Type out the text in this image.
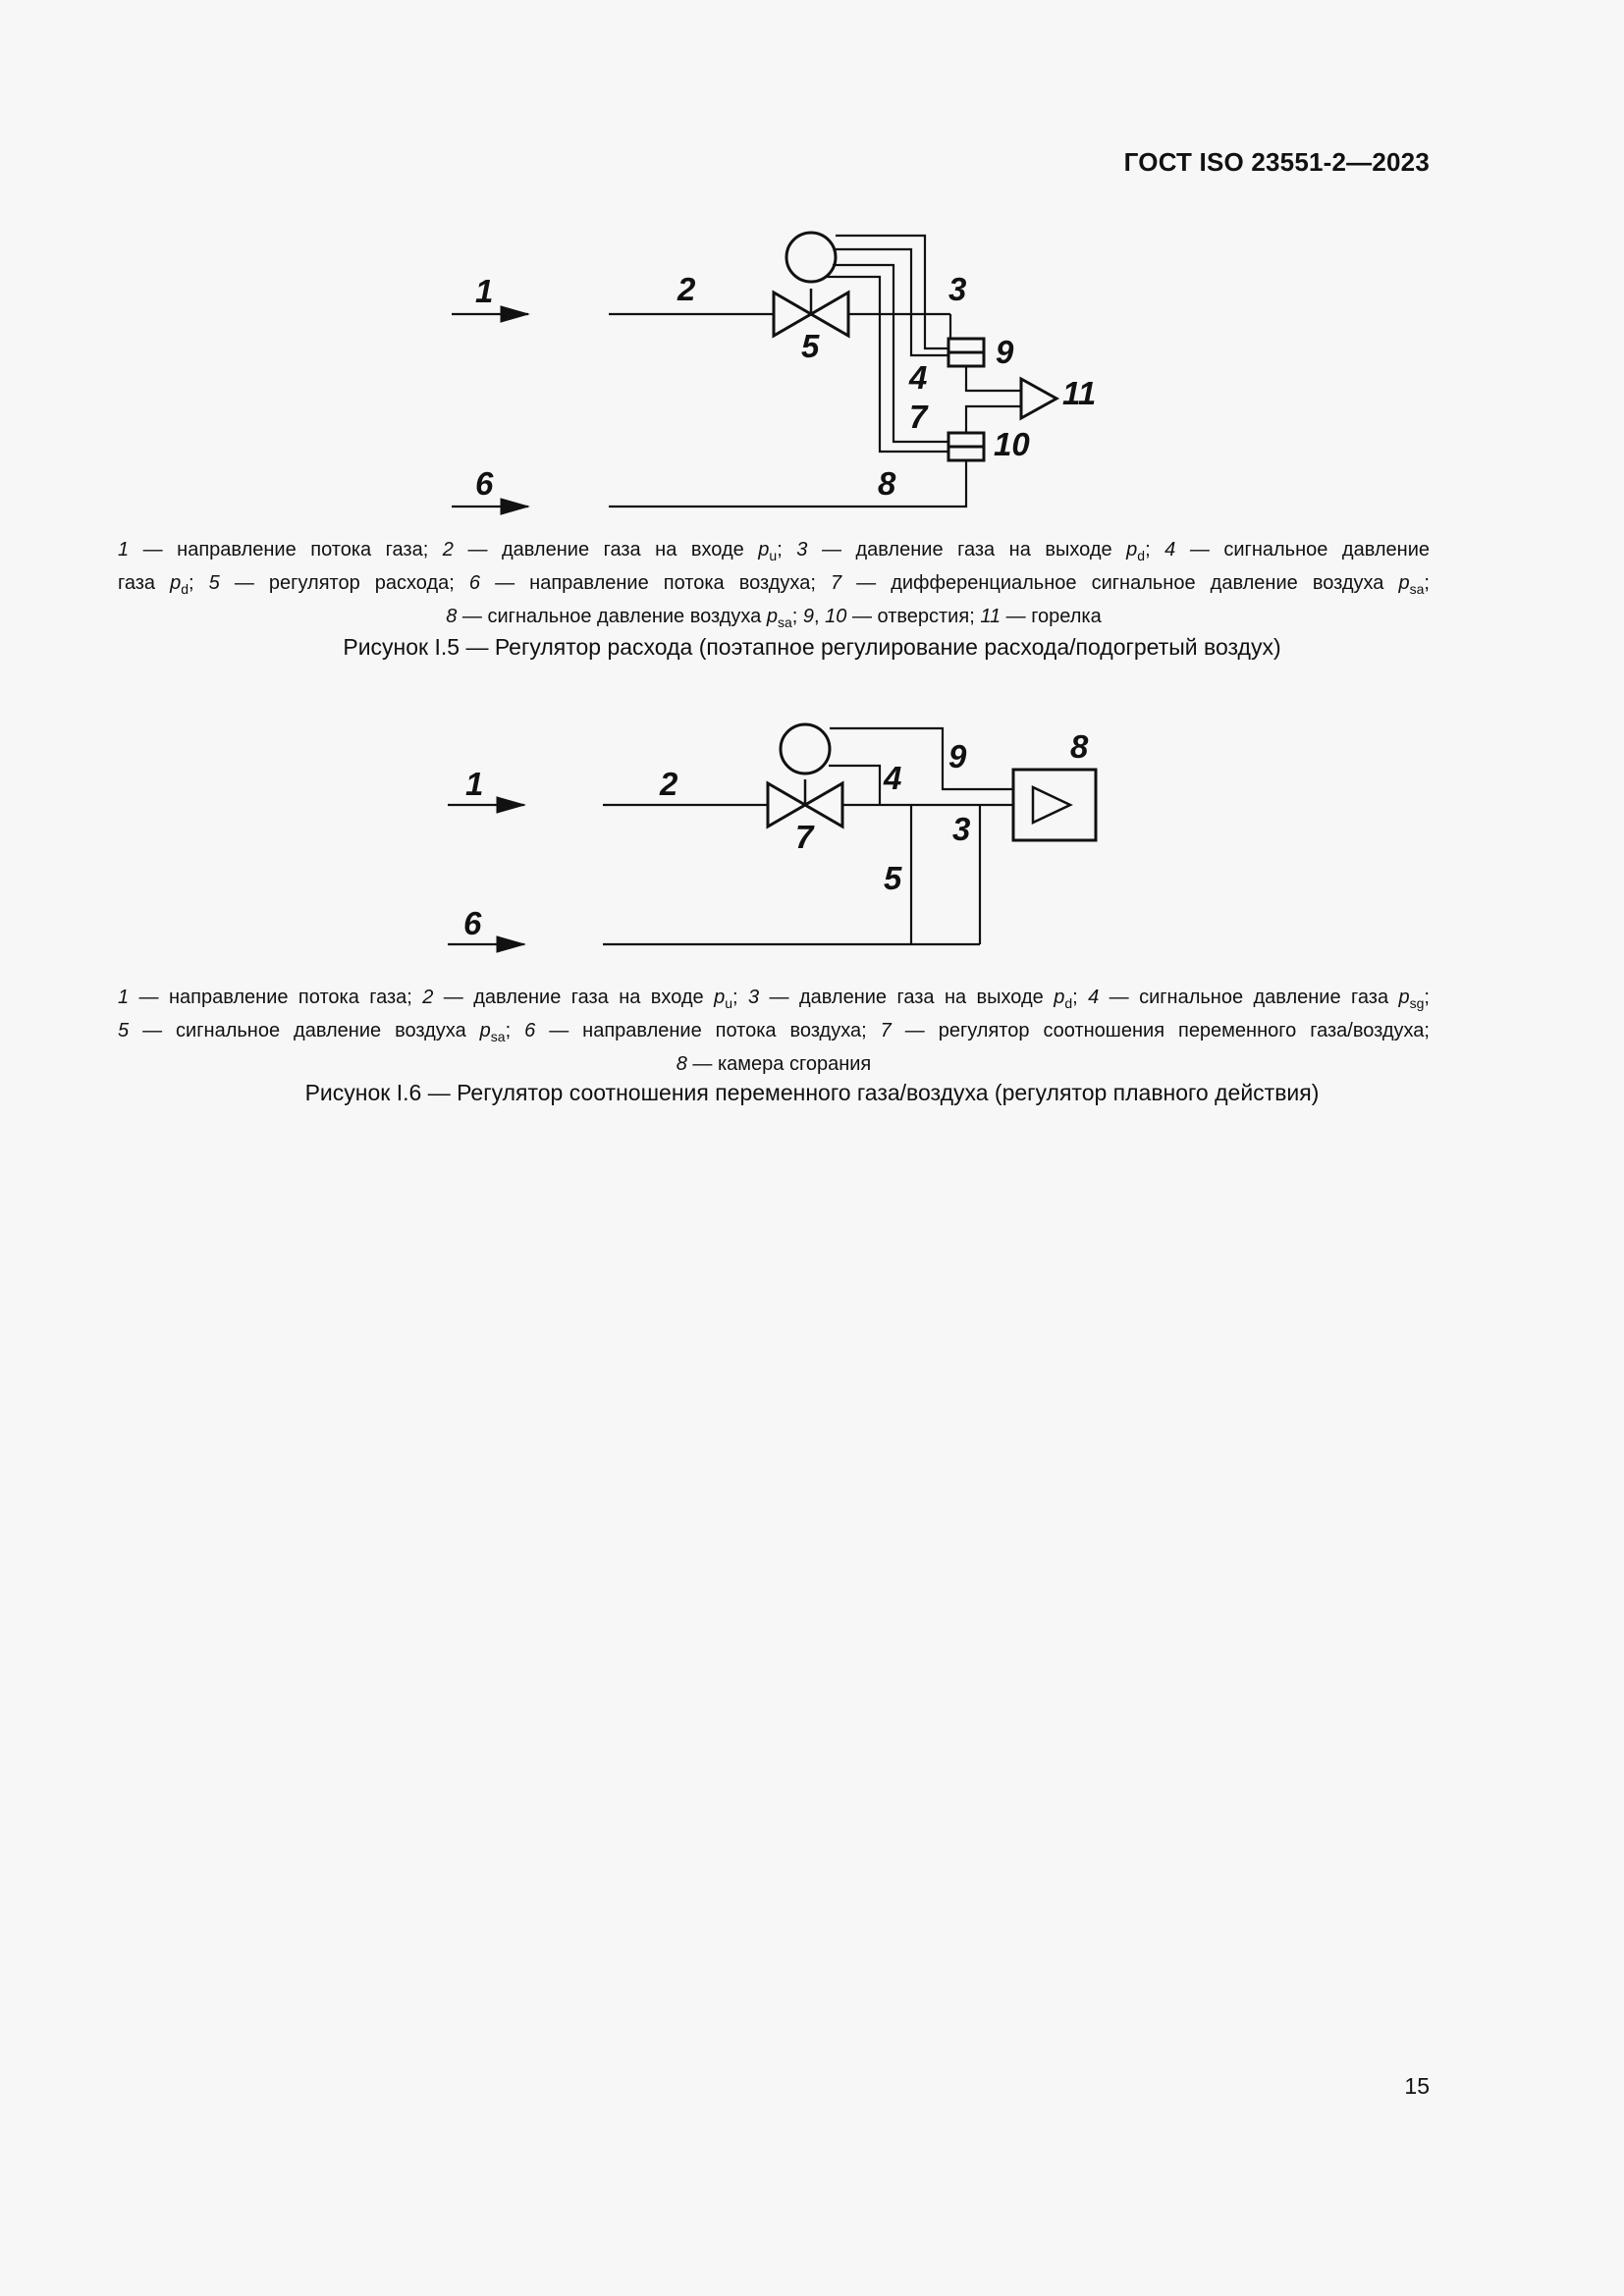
ГОСТ ISO 23551-2—2023
1	2	3
5	9
4	11
7
10
6	8
1 — направление потока газа; 2 — давление газа на входе $p_u$; 3 — давление газа на выходе $p_d$; 4 — сигнальное давление
газа $p_d$; 5 — регулятор расхода; 6 — направление потока воздуха; 7 — дифференциальное сигнальное давление воздуха $p_{sa}$;
8 — сигнальное давление воздуха $p_{sa}$; 9, 10 — отверстия; 11 — горелка
Рисунок I.5 — Регулятор расхода (поэтапное регулирование расхода/подогретый воздух)
1	2	4
9	8
7	3
5
6
1 — направление потока газа; 2 — давление газа на входе $p_u$; 3 — давление газа на выходе $p_d$; 4 — сигнальное давление газа $p_{sg}$;
5 — сигнальное давление воздуха $p_{sa}$; 6 — направление потока воздуха; 7 — регулятор соотношения переменного газа/воздуха;
8 — камера сгорания
Рисунок I.6 — Регулятор соотношения переменного газа/воздуха (регулятор плавного действия)
15
